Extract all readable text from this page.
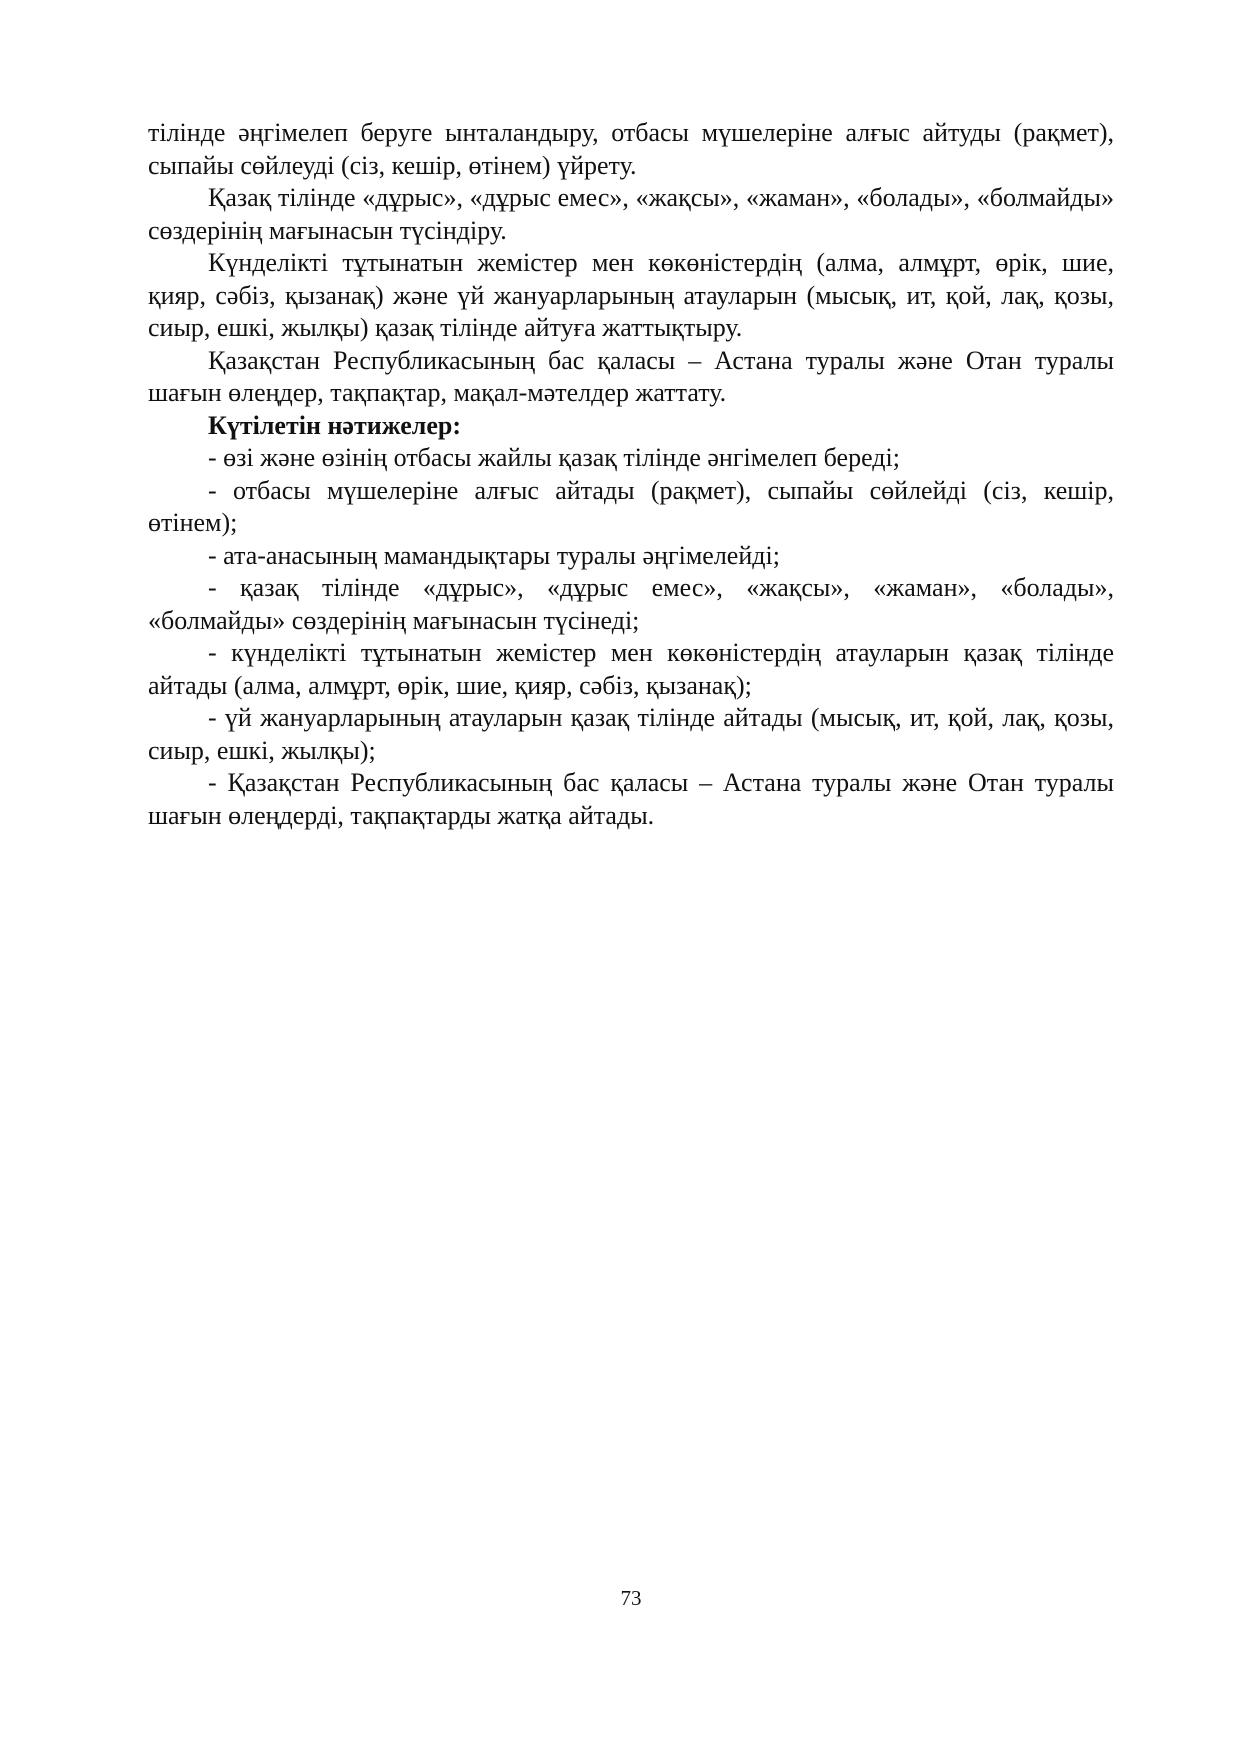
тілінде әңгімелеп беруге ынталандыру, отбасы мүшелеріне алғыс айтуды (рақмет), сыпайы сөйлеуді (сіз, кешір, өтінем) үйрету.

Қазақ тілінде «дұрыс», «дұрыс емес», «жақсы», «жаман», «болады», «болмайды» сөздерінің мағынасын түсіндіру.

Күнделікті тұтынатын жемістер мен көкөністердің (алма, алмұрт, өрік, шие, қияр, сәбіз, қызанақ) және үй жануарларының атауларын (мысық, ит, қой, лақ, қозы, сиыр, ешкі, жылқы) қазақ тілінде айтуға жаттықтыру.

Қазақстан Республикасының бас қаласы – Астана туралы және Отан туралы шағын өлеңдер, тақпақтар, мақал-мәтелдер жаттату.

Күтілетін нәтижелер:

- өзі және өзінің отбасы жайлы қазақ тілінде әнгімелеп береді;

- отбасы мүшелеріне алғыс айтады (рақмет), сыпайы сөйлейді (сіз, кешір, өтінем);

- ата-анасының мамандықтары туралы әңгімелейді;

- қазақ тілінде «дұрыс», «дұрыс емес», «жақсы», «жаман», «болады», «болмайды» сөздерінің мағынасын түсінеді;

- күнделікті тұтынатын жемістер мен көкөністердің атауларын қазақ тілінде айтады (алма, алмұрт, өрік, шие, қияр, сәбіз, қызанақ);

- үй жануарларының атауларын қазақ тілінде айтады (мысық, ит, қой, лақ, қозы, сиыр, ешкі, жылқы);

- Қазақстан Республикасының бас қаласы – Астана туралы және Отан туралы шағын өлеңдерді, тақпақтарды жатқа айтады.

73
